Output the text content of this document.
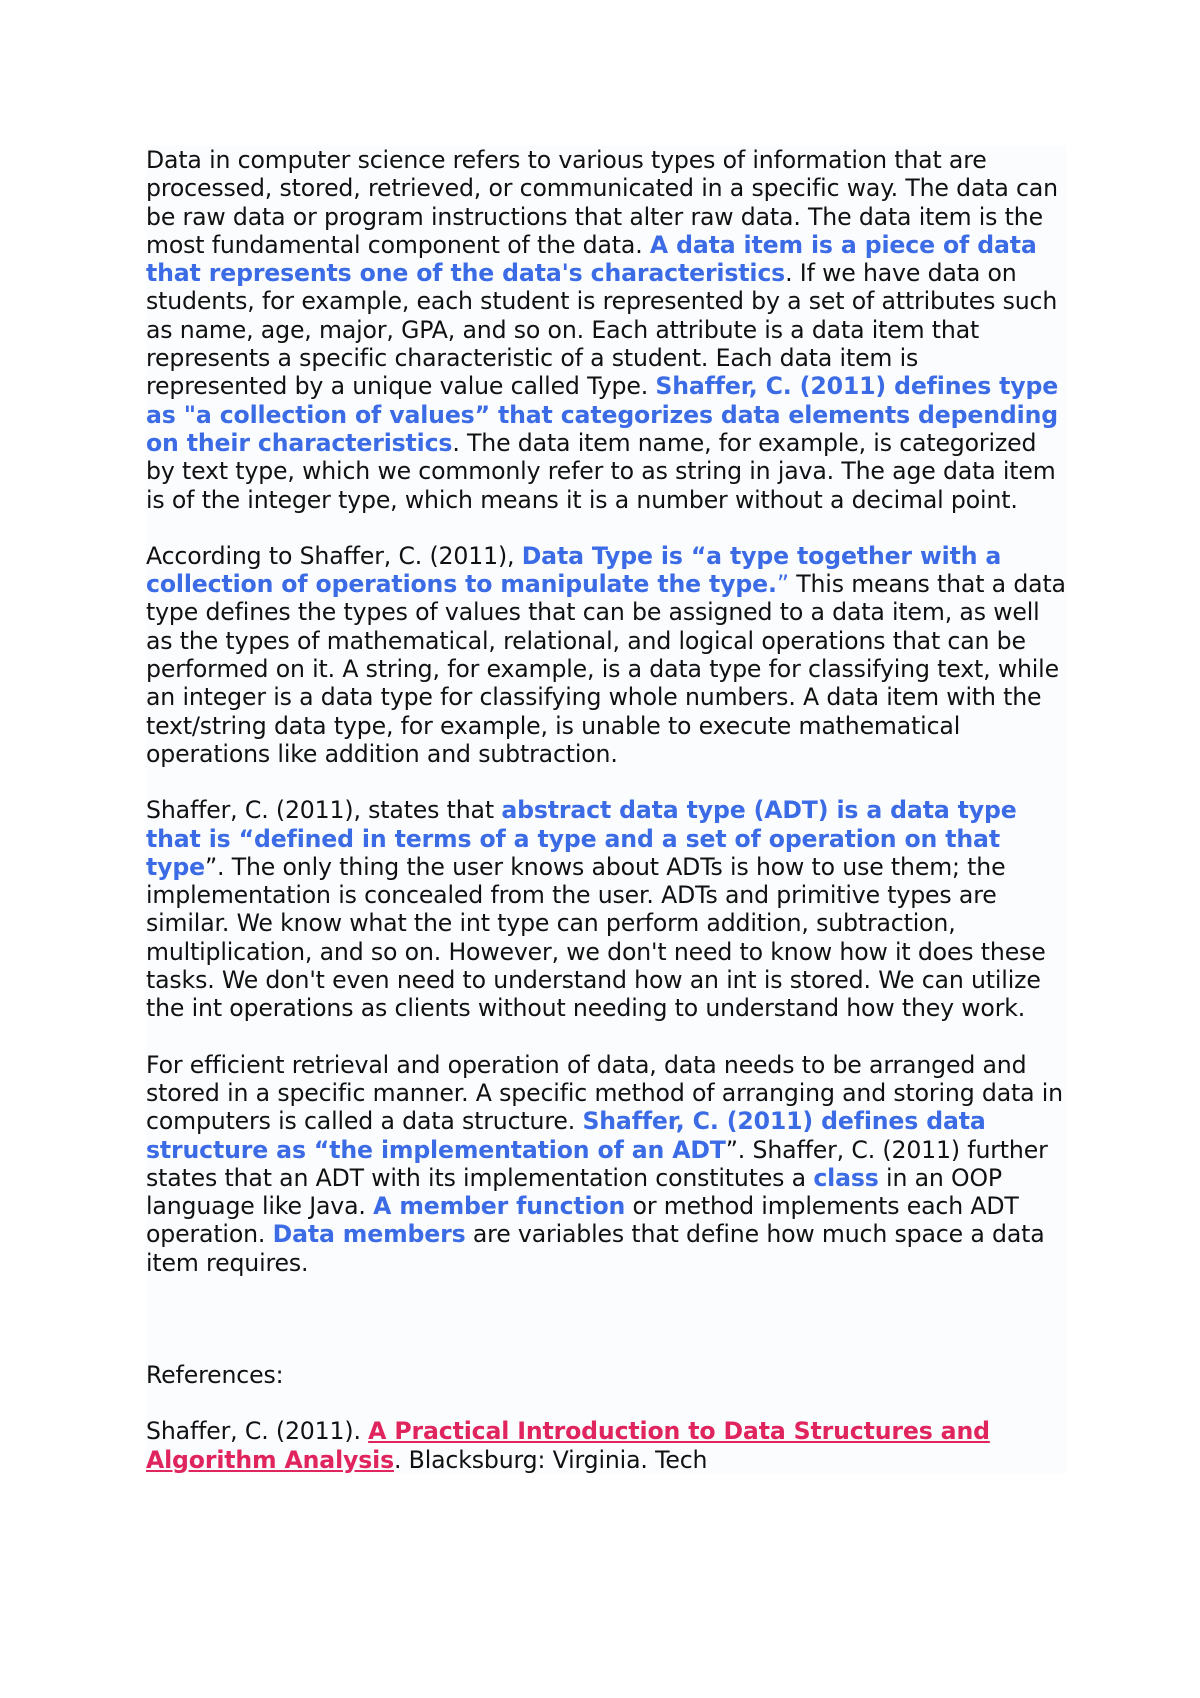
Data in computer science refers to various types of information that are processed, stored, retrieved, or communicated in a specific way. The data can be raw data or program instructions that alter raw data. The data item is the most fundamental component of the data. A data item is a piece of data that represents one of the data's characteristics. If we have data on students, for example, each student is represented by a set of attributes such as name, age, major, GPA, and so on. Each attribute is a data item that represents a specific characteristic of a student. Each data item is represented by a unique value called Type. Shaffer, C. (2011) defines type as "a collection of values” that categorizes data elements depending on their characteristics. The data item name, for example, is categorized by text type, which we commonly refer to as string in java. The age data item is of the integer type, which means it is a number without a decimal point.

According to Shaffer, C. (2011), Data Type is “a type together with a collection of operations to manipulate the type.” This means that a data type defines the types of values that can be assigned to a data item, as well as the types of mathematical, relational, and logical operations that can be performed on it. A string, for example, is a data type for classifying text, while an integer is a data type for classifying whole numbers. A data item with the text/string data type, for example, is unable to execute mathematical operations like addition and subtraction.

Shaffer, C. (2011), states that abstract data type (ADT) is a data type that is “defined in terms of a type and a set of operation on that type”. The only thing the user knows about ADTs is how to use them; the implementation is concealed from the user. ADTs and primitive types are similar. We know what the int type can perform addition, subtraction, multiplication, and so on. However, we don't need to know how it does these tasks. We don't even need to understand how an int is stored. We can utilize the int operations as clients without needing to understand how they work.

For efficient retrieval and operation of data, data needs to be arranged and stored in a specific manner. A specific method of arranging and storing data in computers is called a data structure. Shaffer, C. (2011) defines data structure as “the implementation of an ADT”. Shaffer, C. (2011) further states that an ADT with its implementation constitutes a class in an OOP language like Java. A member function or method implements each ADT operation. Data members are variables that define how much space a data item requires.

References:

Shaffer, C. (2011). A Practical Introduction to Data Structures and Algorithm Analysis. Blacksburg: Virginia. Tech
